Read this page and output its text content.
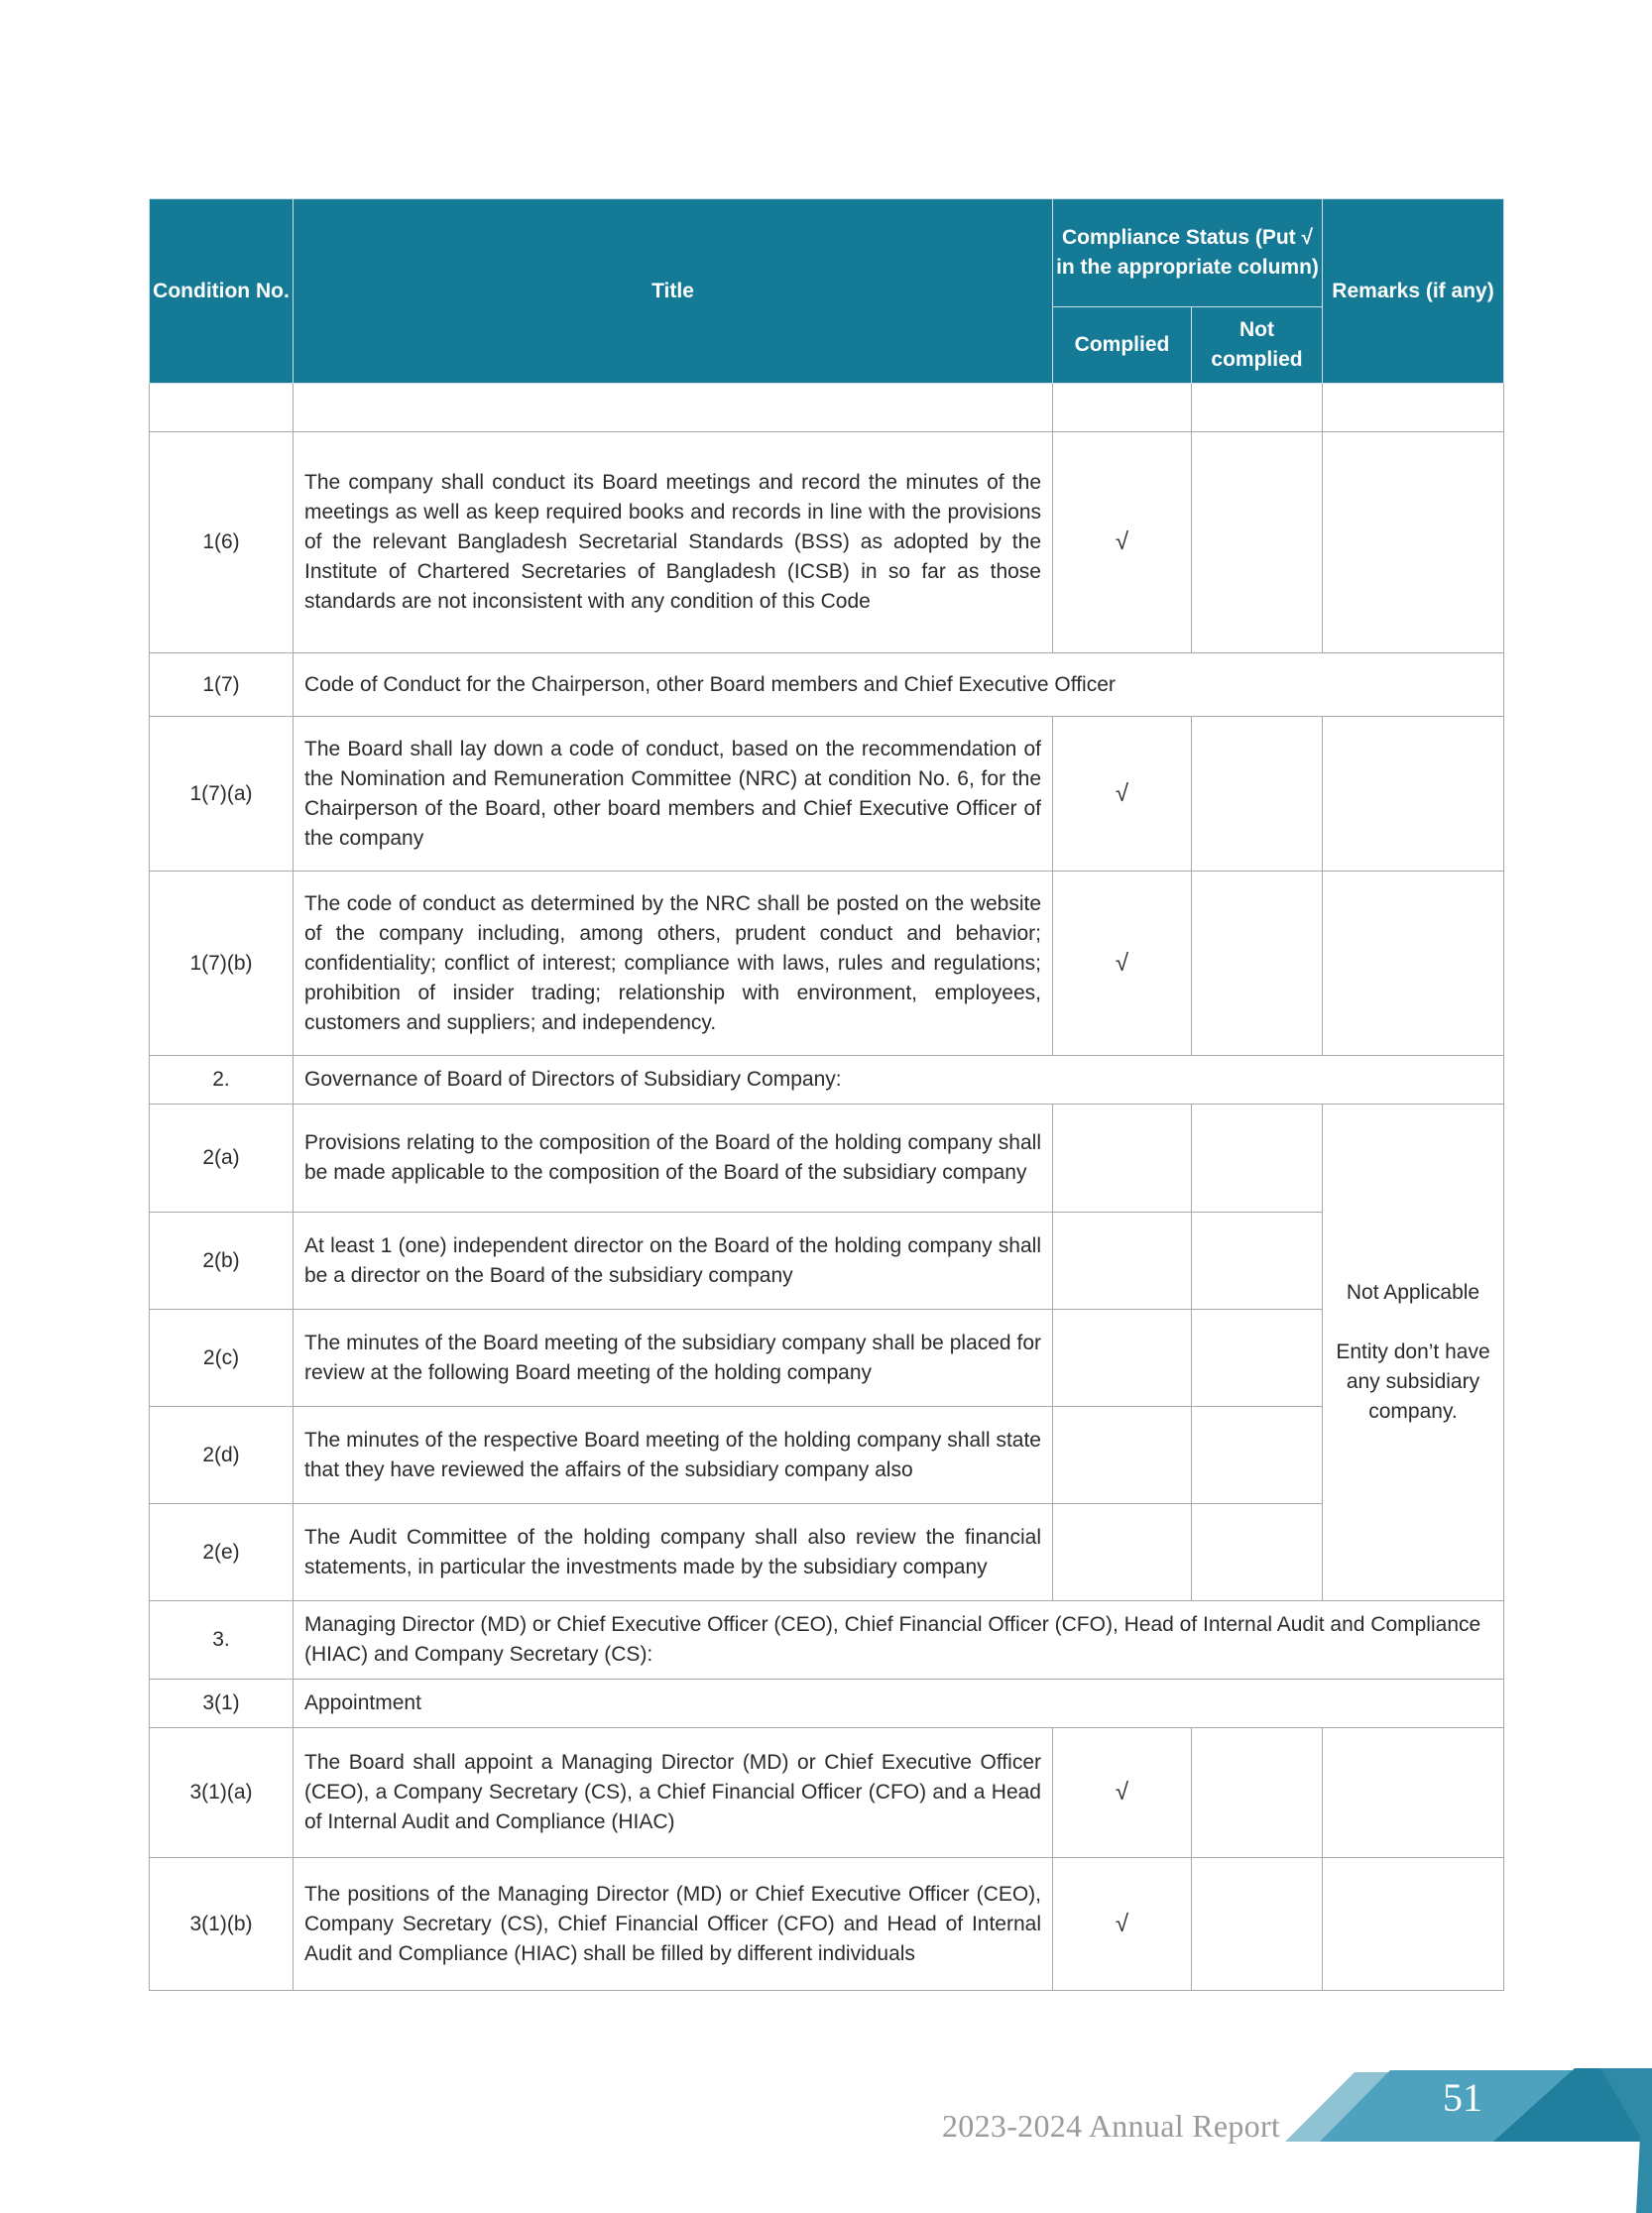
Condition No.	Title	Compliance Status (Put √ in the appropriate column)		Remarks (if any)
		Complied	Not complied	

1(6)	The company shall conduct its Board meetings and record the minutes of the meetings as well as keep required books and records in line with the provisions of the relevant Bangladesh Secretarial Standards (BSS) as adopted by the Institute of Chartered Secretaries of Bangladesh (ICSB) in so far as those standards are not inconsistent with any condition of this Code	√		
1(7)	Code of Conduct for the Chairperson, other Board members and Chief Executive Officer			
1(7)(a)	The Board shall lay down a code of conduct, based on the recommendation of the Nomination and Remuneration Committee (NRC) at condition No. 6, for the Chairperson of the Board, other board members and Chief Executive Officer of the company	√		
1(7)(b)	The code of conduct as determined by the NRC shall be posted on the website of the company including, among others, prudent conduct and behavior; confidentiality; conflict of interest; compliance with laws, rules and regulations; prohibition of insider trading; relationship with environment, employees, customers and suppliers; and independency.	√		
2.	Governance of Board of Directors of Subsidiary Company:			
2(a)	Provisions relating to the composition of the Board of the holding company shall be made applicable to the composition of the Board of the subsidiary company			Not Applicable

Entity don’t have any subsidiary company.

2(b)	At least 1 (one) independent director on the Board of the holding company shall be a director on the Board of the subsidiary company			
2(c)	The minutes of the Board meeting of the subsidiary company shall be placed for review at the following Board meeting of the holding company			
2(d)	The minutes of the respective Board meeting of the holding company shall state that they have reviewed the affairs of the subsidiary company also			
2(e)	The Audit Committee of the holding company shall also review the financial statements, in particular the investments made by the subsidiary company			
3.	Managing Director (MD) or Chief Executive Officer (CEO), Chief Financial Officer (CFO), Head of Internal Audit and Compliance (HIAC) and Company Secretary (CS):			
3(1)	Appointment			
3(1)(a)	The Board shall appoint a Managing Director (MD) or Chief Executive Officer (CEO), a Company Secretary (CS), a Chief Financial Officer (CFO) and a Head of Internal Audit and Compliance (HIAC)	√		
3(1)(b)	The positions of the Managing Director (MD) or Chief Executive Officer (CEO), Company Secretary (CS), Chief Financial Officer (CFO) and Head of Internal Audit and Compliance (HIAC) shall be filled by different individuals	√		
2023-2024 Annual Report
51
